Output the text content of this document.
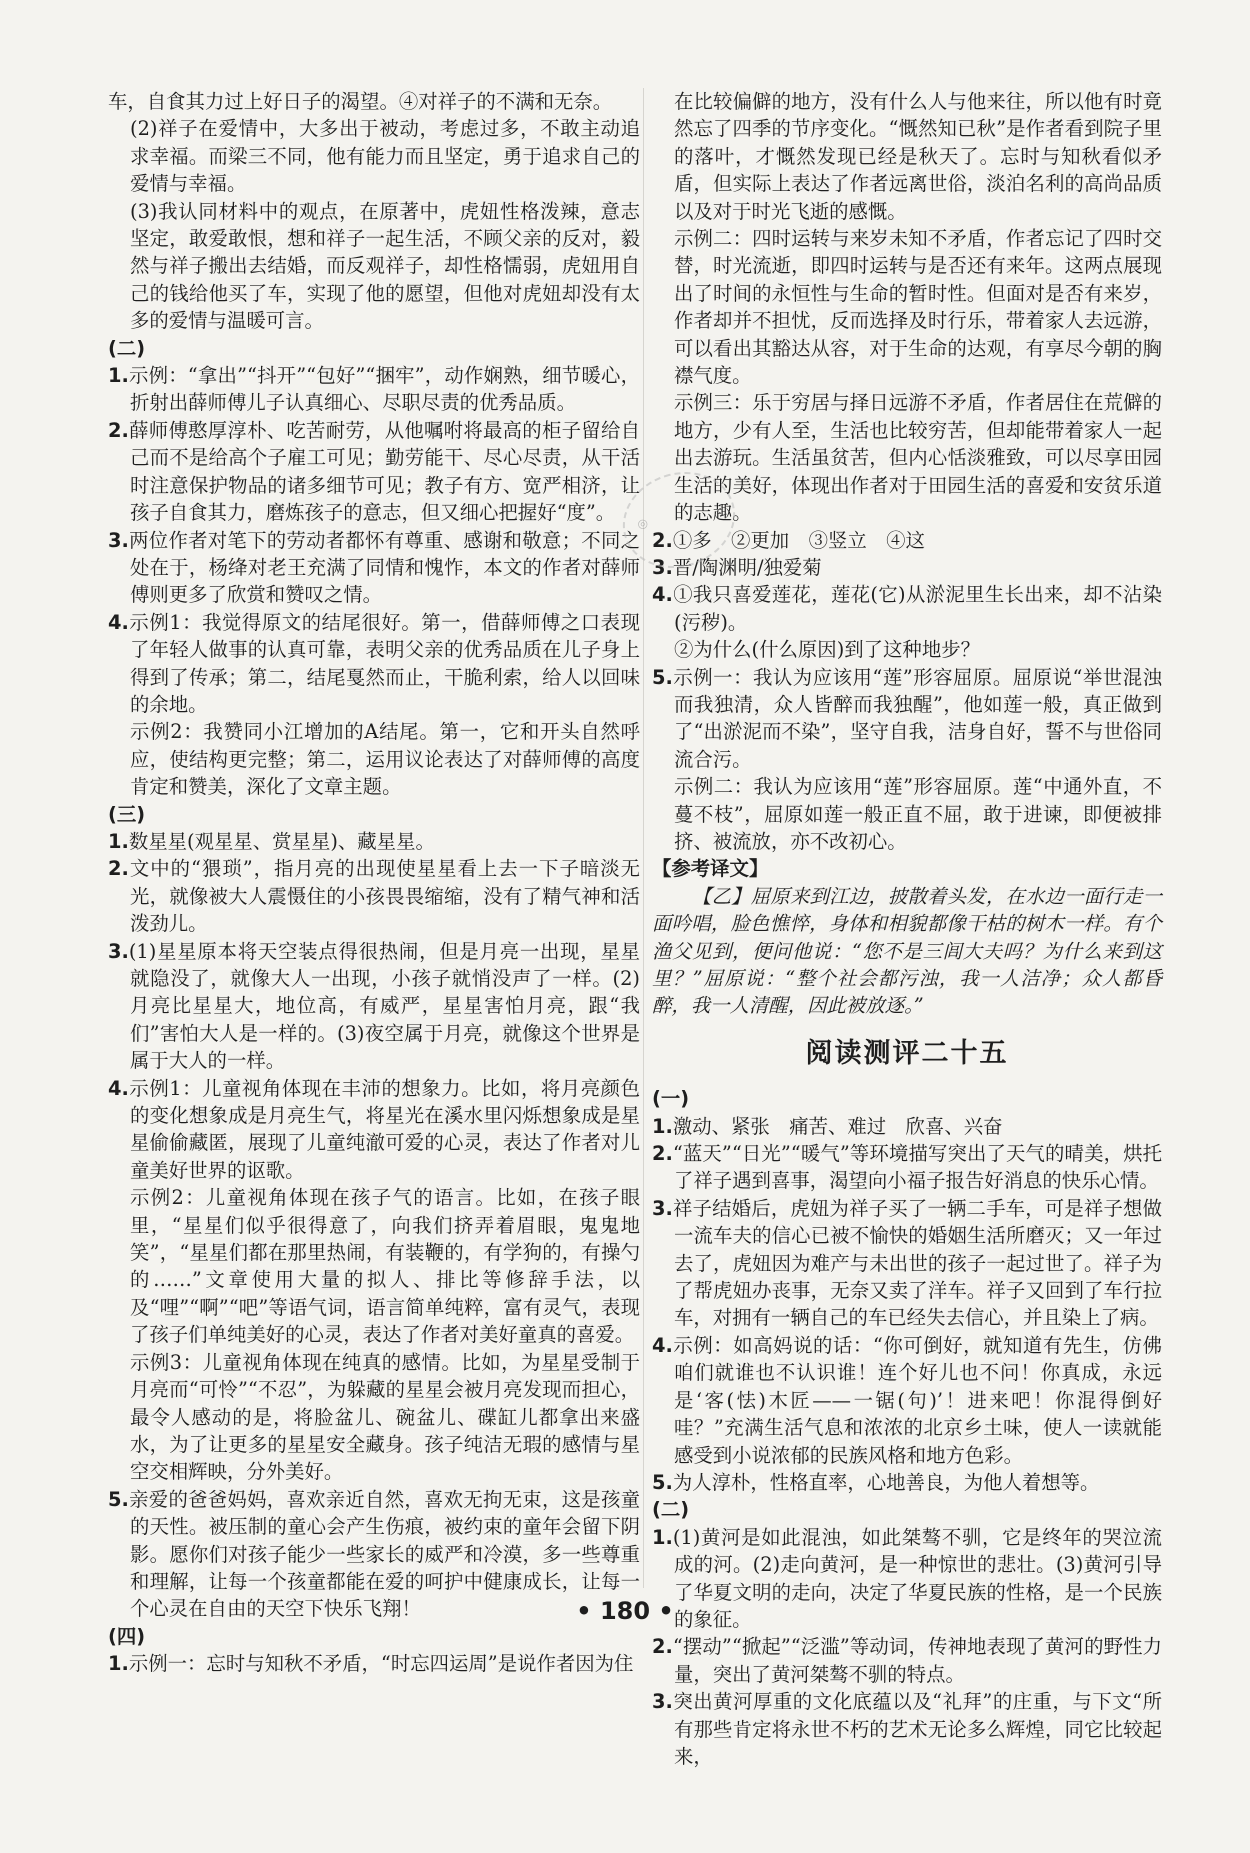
车，自食其力过上好日子的渴望。④对祥子的不满和无奈。

(2)祥子在爱情中，大多出于被动，考虑过多，不敢主动追求幸福。而梁三不同，他有能力而且坚定，勇于追求自己的爱情与幸福。

(3)我认同材料中的观点，在原著中，虎妞性格泼辣，意志坚定，敢爱敢恨，想和祥子一起生活，不顾父亲的反对，毅然与祥子搬出去结婚，而反观祥子，却性格懦弱，虎妞用自己的钱给他买了车，实现了他的愿望，但他对虎妞却没有太多的爱情与温暖可言。

(二)

1.示例：“拿出”“抖开”“包好”“捆牢”，动作娴熟，细节暖心，折射出薛师傅儿子认真细心、尽职尽责的优秀品质。

2.薛师傅憨厚淳朴、吃苦耐劳，从他嘱咐将最高的柜子留给自己而不是给高个子雇工可见；勤劳能干、尽心尽责，从干活时注意保护物品的诸多细节可见；教子有方、宽严相济，让孩子自食其力，磨炼孩子的意志，但又细心把握好“度”。

3.两位作者对笔下的劳动者都怀有尊重、感谢和敬意；不同之处在于，杨绛对老王充满了同情和愧怍，本文的作者对薛师傅则更多了欣赏和赞叹之情。

4.示例1：我觉得原文的结尾很好。第一，借薛师傅之口表现了年轻人做事的认真可靠，表明父亲的优秀品质在儿子身上得到了传承；第二，结尾戛然而止，干脆利索，给人以回味的余地。

示例2：我赞同小江增加的A结尾。第一，它和开头自然呼应，使结构更完整；第二，运用议论表达了对薛师傅的高度肯定和赞美，深化了文章主题。

(三)

1.数星星(观星星、赏星星)、藏星星。

2.文中的“猥琐”，指月亮的出现使星星看上去一下子暗淡无光，就像被大人震慑住的小孩畏畏缩缩，没有了精气神和活泼劲儿。

3.(1)星星原本将天空装点得很热闹，但是月亮一出现，星星就隐没了，就像大人一出现，小孩子就悄没声了一样。(2)月亮比星星大，地位高，有威严，星星害怕月亮，跟“我们”害怕大人是一样的。(3)夜空属于月亮，就像这个世界是属于大人的一样。

4.示例1：儿童视角体现在丰沛的想象力。比如，将月亮颜色的变化想象成是月亮生气，将星光在溪水里闪烁想象成是星星偷偷藏匿，展现了儿童纯澈可爱的心灵，表达了作者对儿童美好世界的讴歌。

示例2：儿童视角体现在孩子气的语言。比如，在孩子眼里，“星星们似乎很得意了，向我们挤弄着眉眼，鬼鬼地笑”，“星星们都在那里热闹，有装鞭的，有学狗的，有操勺的……”文章使用大量的拟人、排比等修辞手法，以及“哩”“啊”“吧”等语气词，语言简单纯粹，富有灵气，表现了孩子们单纯美好的心灵，表达了作者对美好童真的喜爱。

示例3：儿童视角体现在纯真的感情。比如，为星星受制于月亮而“可怜”“不忍”，为躲藏的星星会被月亮发现而担心，最令人感动的是，将脸盆儿、碗盆儿、碟缸儿都拿出来盛水，为了让更多的星星安全藏身。孩子纯洁无瑕的感情与星空交相辉映，分外美好。

5.亲爱的爸爸妈妈，喜欢亲近自然，喜欢无拘无束，这是孩童的天性。被压制的童心会产生伤痕，被约束的童年会留下阴影。愿你们对孩子能少一些家长的威严和冷漠，多一些尊重和理解，让每一个孩童都能在爱的呵护中健康成长，让每一个心灵在自由的天空下快乐飞翔！

(四)

1.示例一：忘时与知秋不矛盾，“时忘四运周”是说作者因为住

在比较偏僻的地方，没有什么人与他来往，所以他有时竟然忘了四季的节序变化。“慨然知已秋”是作者看到院子里的落叶，才慨然发现已经是秋天了。忘时与知秋看似矛盾，但实际上表达了作者远离世俗，淡泊名利的高尚品质以及对于时光飞逝的感慨。

示例二：四时运转与来岁未知不矛盾，作者忘记了四时交替，时光流逝，即四时运转与是否还有来年。这两点展现出了时间的永恒性与生命的暂时性。但面对是否有来岁，作者却并不担忧，反而选择及时行乐，带着家人去远游，可以看出其豁达从容，对于生命的达观，有享尽今朝的胸襟气度。

示例三：乐于穷居与择日远游不矛盾，作者居住在荒僻的地方，少有人至，生活也比较穷苦，但却能带着家人一起出去游玩。生活虽贫苦，但内心恬淡雅致，可以尽享田园生活的美好，体现出作者对于田园生活的喜爱和安贫乐道的志趣。

2.①多　②更加　③竖立　④这

3.晋/陶渊明/独爱菊

4.①我只喜爱莲花，莲花(它)从淤泥里生长出来，却不沾染(污秽)。

②为什么(什么原因)到了这种地步？

5.示例一：我认为应该用“莲”形容屈原。屈原说“举世混浊而我独清，众人皆醉而我独醒”，他如莲一般，真正做到了“出淤泥而不染”，坚守自我，洁身自好，誓不与世俗同流合污。

示例二：我认为应该用“莲”形容屈原。莲“中通外直，不蔓不枝”，屈原如莲一般正直不屈，敢于进谏，即便被排挤、被流放，亦不改初心。

【参考译文】

【乙】屈原来到江边，披散着头发，在水边一面行走一面吟唱，脸色憔悴，身体和相貌都像干枯的树木一样。有个渔父见到，便问他说：“您不是三闾大夫吗？为什么来到这里？”屈原说：“整个社会都污浊，我一人洁净；众人都昏醉，我一人清醒，因此被放逐。”

阅读测评二十五

(一)

1.激动、紧张　痛苦、难过　欣喜、兴奋

2.“蓝天”“日光”“暖气”等环境描写突出了天气的晴美，烘托了祥子遇到喜事，渴望向小福子报告好消息的快乐心情。

3.祥子结婚后，虎妞为祥子买了一辆二手车，可是祥子想做一流车夫的信心已被不愉快的婚姻生活所磨灭；又一年过去了，虎妞因为难产与未出世的孩子一起过世了。祥子为了帮虎妞办丧事，无奈又卖了洋车。祥子又回到了车行拉车，对拥有一辆自己的车已经失去信心，并且染上了病。

4.示例：如高妈说的话：“你可倒好，就知道有先生，仿佛咱们就谁也不认识谁！连个好儿也不问！你真成，永远是‘客(怯)木匠——一锯(句)’！进来吧！你混得倒好哇？”充满生活气息和浓浓的北京乡土味，使人一读就能感受到小说浓郁的民族风格和地方色彩。

5.为人淳朴，性格直率，心地善良，为他人着想等。

(二)

1.(1)黄河是如此混浊，如此桀骜不驯，它是终年的哭泣流成的河。(2)走向黄河，是一种惊世的悲壮。(3)黄河引导了华夏文明的走向，决定了华夏民族的性格，是一个民族的象征。

2.“摆动”“掀起”“泛滥”等动词，传神地表现了黄河的野性力量，突出了黄河桀骜不驯的特点。

3.突出黄河厚重的文化底蕴以及“礼拜”的庄重，与下文“所有那些肯定将永世不朽的艺术无论多么辉煌，同它比较起来，

◎
• 180 •
